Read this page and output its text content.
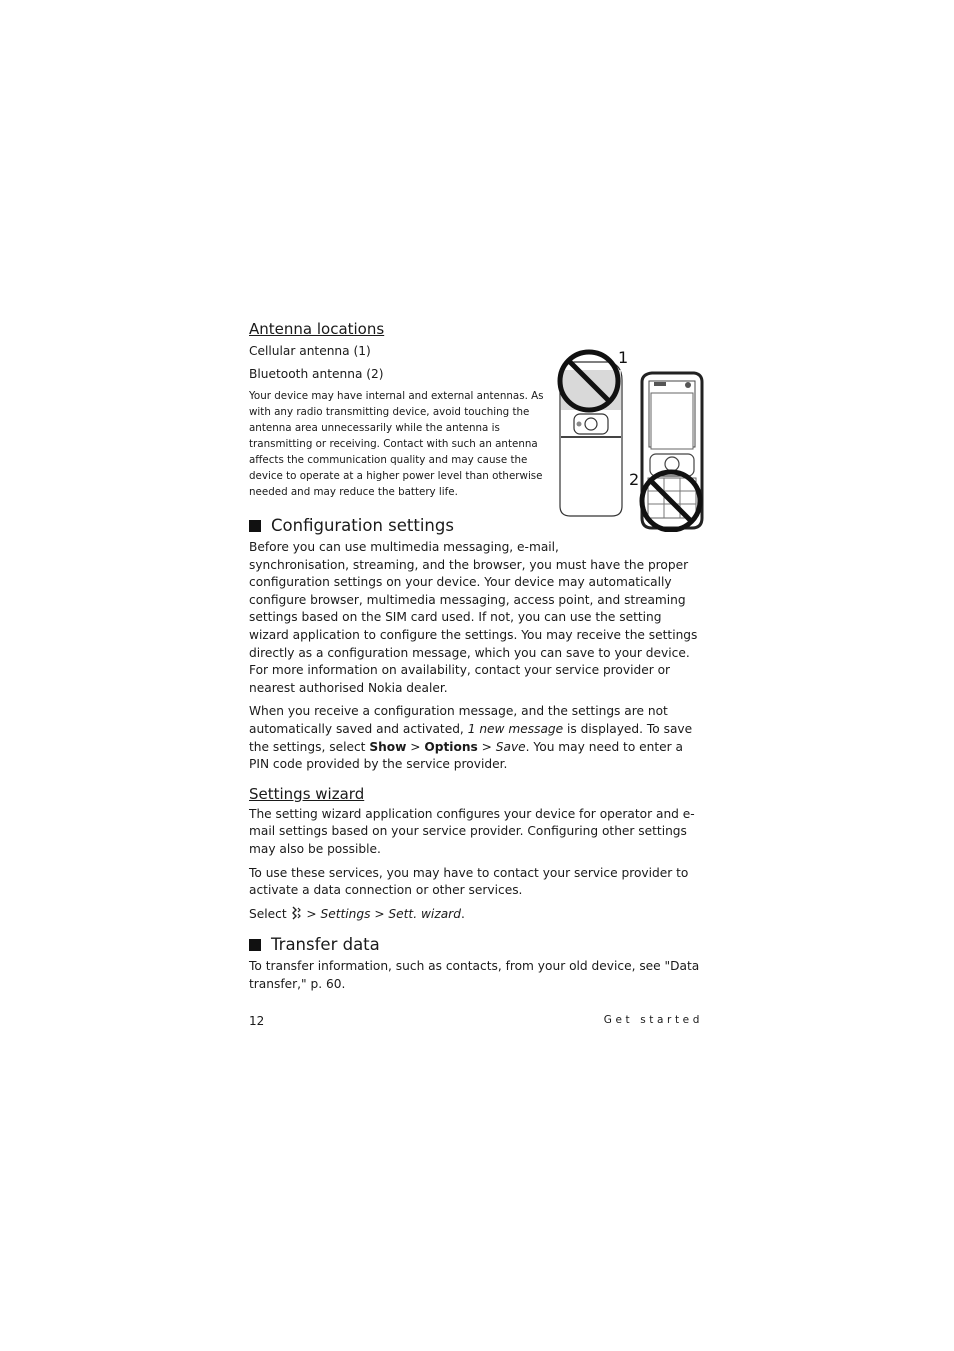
Antenna locations

Cellular antenna (1)

Bluetooth antenna (2)

Your device may have internal and external antennas. As with any radio transmitting device, avoid touching the antenna area unnecessarily while the antenna is transmitting or receiving. Contact with such an antenna affects the communication quality and may cause the device to operate at a higher power level than otherwise needed and may reduce the battery life.

Configuration settings

Before you can use multimedia messaging, e-mail,
synchronisation, streaming, and the browser, you must have the proper configuration settings on your device. Your device may automatically configure browser, multimedia messaging, access point, and streaming settings based on the SIM card used. If not, you can use the setting wizard application to configure the settings. You may receive the settings directly as a configuration message, which you can save to your device. For more information on availability, contact your service provider or nearest authorised Nokia dealer.

When you receive a configuration message, and the settings are not automatically saved and activated, 1 new message is displayed. To save the settings, select Show > Options > Save. You may need to enter a PIN code provided by the service provider.

Settings wizard

The setting wizard application configures your device for operator and e-mail settings based on your service provider. Configuring other settings may also be possible.

To use these services, you may have to contact your service provider to activate a data connection or other services.

Select  > Settings > Sett. wizard.

Transfer data

To transfer information, such as contacts, from your old device, see "Data transfer," p. 60.

1
2
12	Get started
